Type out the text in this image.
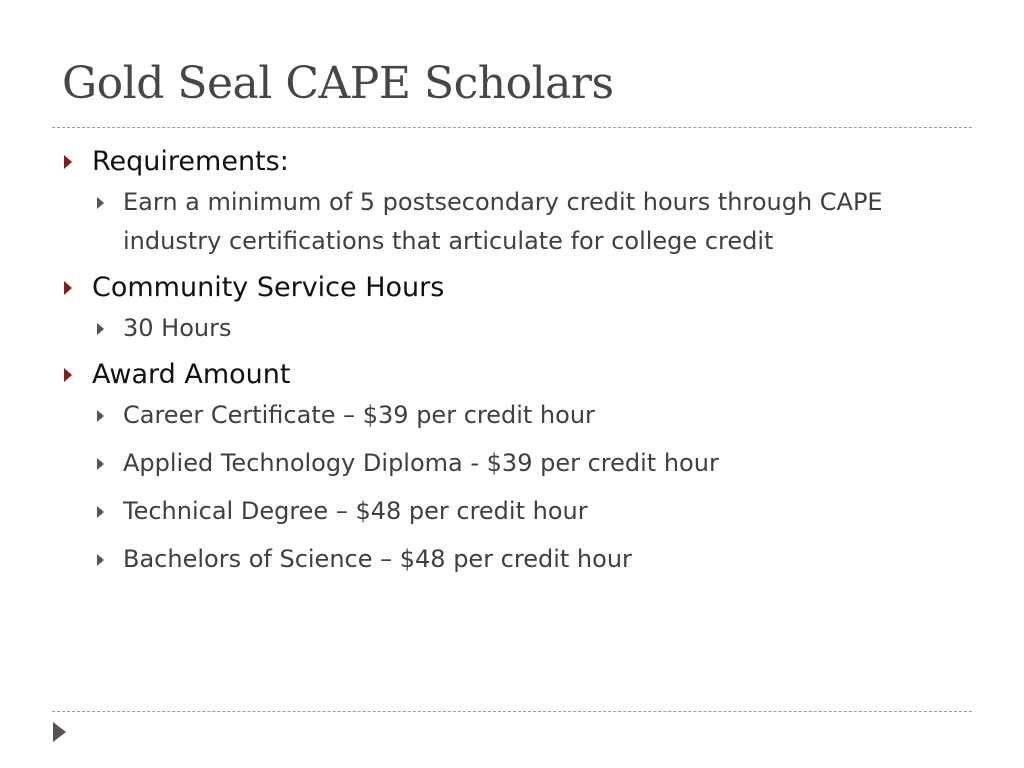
Gold Seal CAPE Scholars
Requirements:
Earn a minimum of 5 postsecondary credit hours through CAPE industry certifications that articulate for college credit
Community Service Hours
30 Hours
Award Amount
Career Certificate – $39 per credit hour
Applied Technology Diploma - $39 per credit hour
Technical Degree – $48 per credit hour
Bachelors of Science – $48 per credit hour
